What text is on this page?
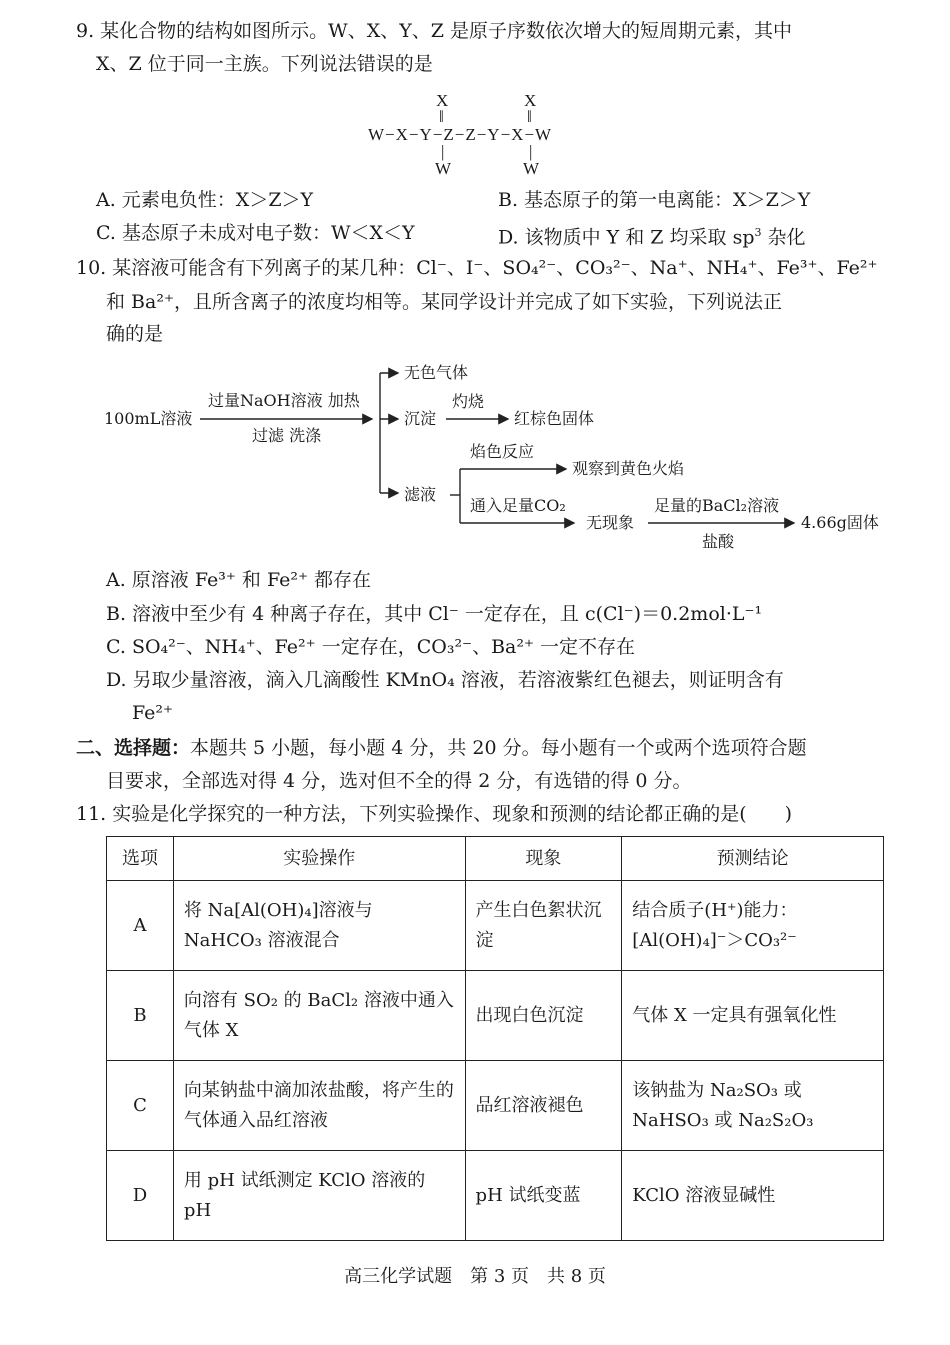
9. 某化合物的结构如图所示。W、X、Y、Z 是原子序数依次增大的短周期元素，其中
X、Z 位于同一主族。下列说法错误的是
X
‖
X
‖
W−X−Y−Z−Z−Y−X−W
|	|
W	W
A. 元素电负性：X＞Z＞Y	B. 基态原子的第一电离能：X＞Z＞Y
C. 基态原子未成对电子数：W＜X＜Y	D. 该物质中 Y 和 Z 均采取 $sp^3$ 杂化
10. 某溶液可能含有下列离子的某几种：Cl⁻、I⁻、SO₄²⁻、CO₃²⁻、Na⁺、NH₄⁺、Fe³⁺、Fe²⁺
和 Ba²⁺，且所含离子的浓度均相等。某同学设计并完成了如下实验，下列说法正
确的是
100mL溶液
过量NaOH溶液 加热
过滤 洗涤
无色气体
沉淀
灼烧
红棕色固体
焰色反应
观察到黄色火焰
滤液
通入足量CO₂
无现象
足量的BaCl₂溶液
盐酸
4.66g固体
A. 原溶液 Fe³⁺ 和 Fe²⁺ 都存在
B. 溶液中至少有 4 种离子存在，其中 Cl⁻ 一定存在，且 c(Cl⁻)＝0.2mol·L⁻¹
C. SO₄²⁻、NH₄⁺、Fe²⁺ 一定存在，CO₃²⁻、Ba²⁺ 一定不存在
D. 另取少量溶液，滴入几滴酸性 KMnO₄ 溶液，若溶液紫红色褪去，则证明含有
Fe²⁺
二、选择题：本题共 5 小题，每小题 4 分，共 20 分。每小题有一个或两个选项符合题
目要求，全部选对得 4 分，选对但不全的得 2 分，有选错的得 0 分。
11. 实验是化学探究的一种方法，下列实验操作、现象和预测的结论都正确的是(　　)
选项	实验操作	现象	预测结论
A	将 Na[Al(OH)₄]溶液与 NaHCO₃ 溶液混合	产生白色絮状沉淀	结合质子(H⁺)能力：[Al(OH)₄]⁻＞CO₃²⁻
B	向溶有 SO₂ 的 BaCl₂ 溶液中通入气体 X	出现白色沉淀	气体 X 一定具有强氧化性
C	向某钠盐中滴加浓盐酸，将产生的气体通入品红溶液	品红溶液褪色	该钠盐为 Na₂SO₃ 或 NaHSO₃ 或 Na₂S₂O₃
D	用 pH 试纸测定 KClO 溶液的 pH	pH 试纸变蓝	KClO 溶液显碱性
高三化学试题　第 3 页　共 8 页
